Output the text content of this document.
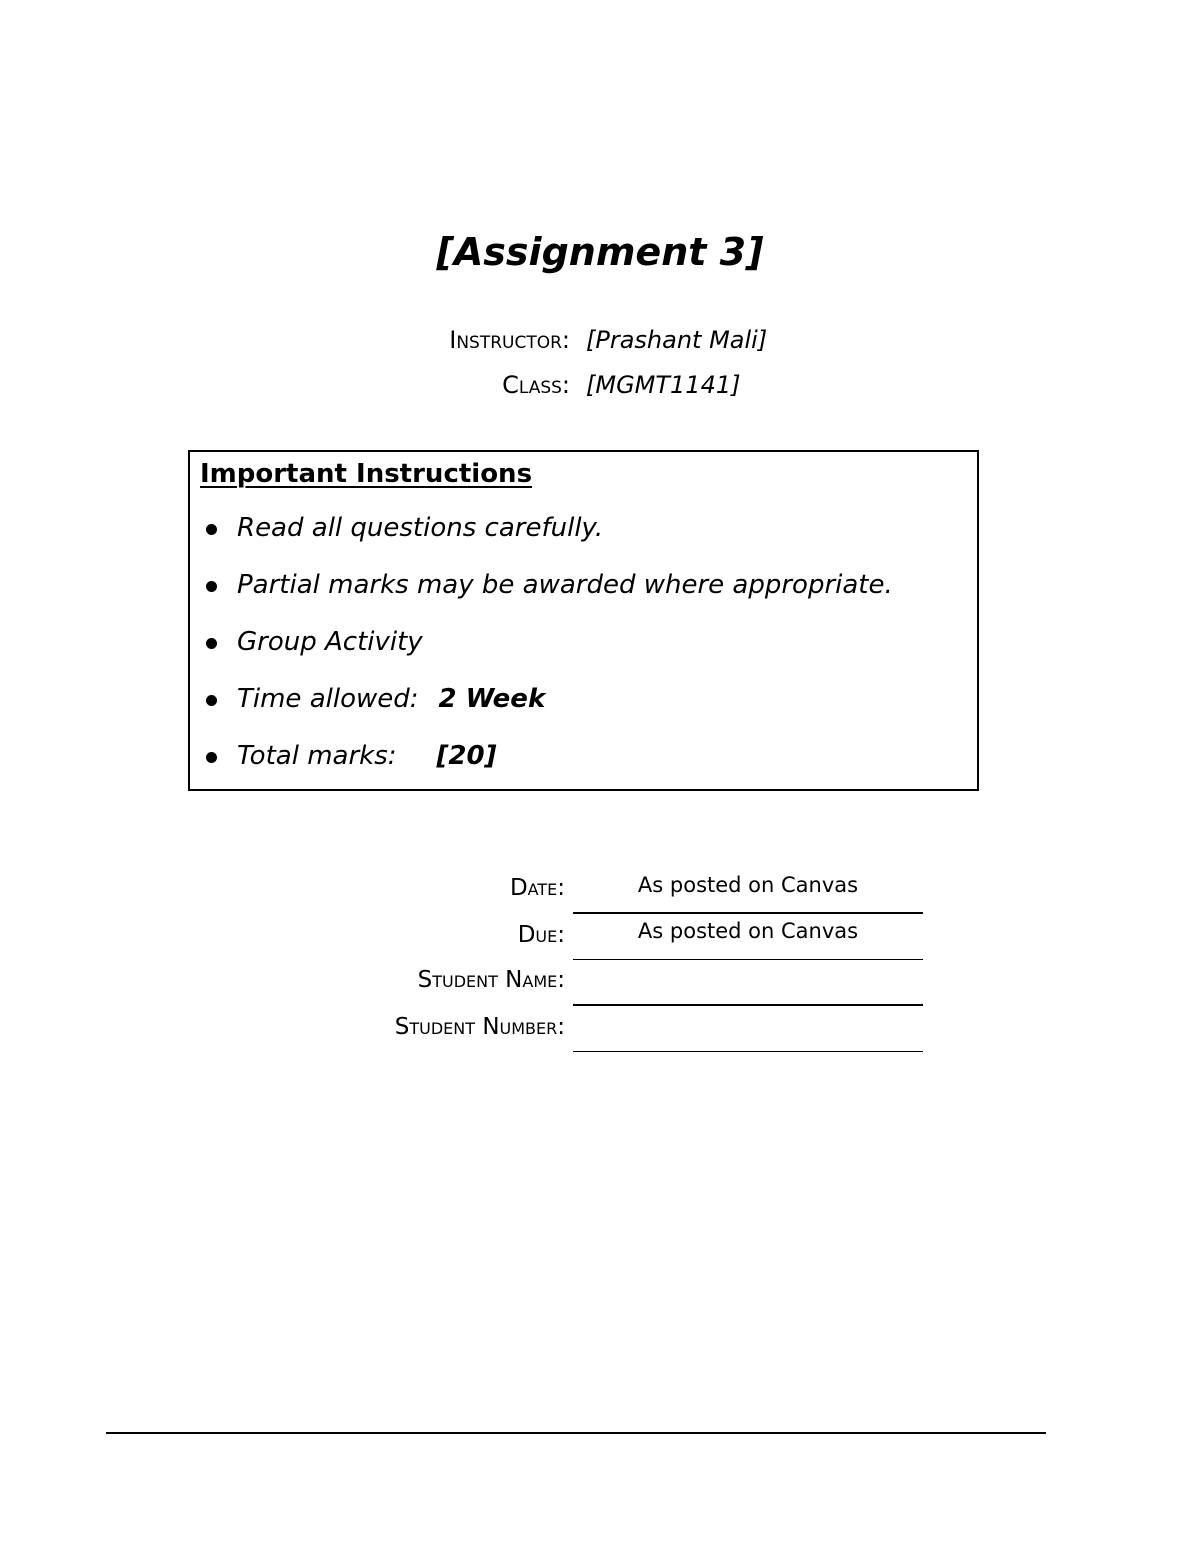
[Assignment 3]
Instructor: [Prashant Mali]
Class: [MGMT1141]
Important Instructions
Read all questions carefully.
Partial marks may be awarded where appropriate.
Group Activity
Time allowed: 2 Week
Total marks: [20]
Date:	As posted on Canvas
Due:	As posted on Canvas
Student Name:
Student Number:
